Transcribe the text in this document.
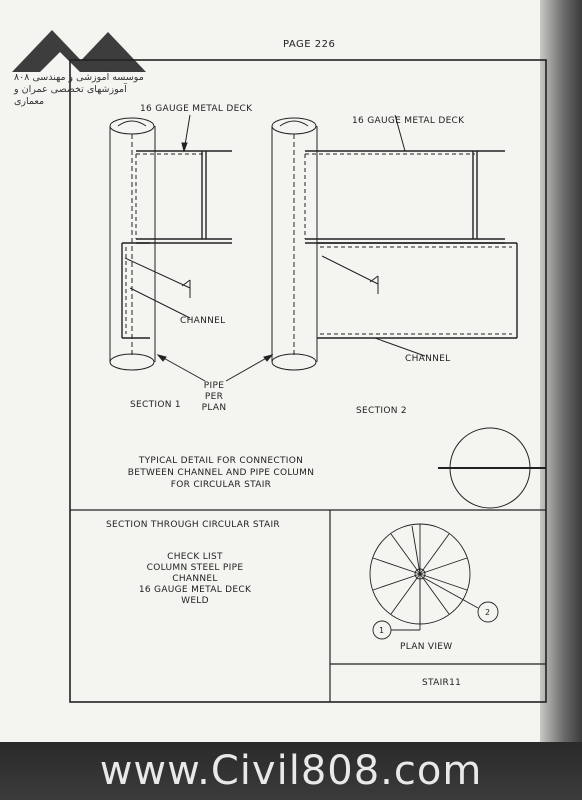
PAGE 226
موسسه آموزشی و مهندسی ۸۰۸
آموزشهای تخصصی عمران و معماری
16 GAUGE METAL DECK
CHANNEL
SECTION 1
16 GAUGE METAL DECK
CHANNEL
SECTION 2
PIPE
PER
PLAN
TYPICAL DETAIL FOR CONNECTION
BETWEEN CHANNEL AND PIPE COLUMN
FOR CIRCULAR STAIR
SECTION THROUGH CIRCULAR STAIR
CHECK LIST
COLUMN STEEL PIPE
CHANNEL
16 GAUGE METAL DECK
WELD
1
2
PLAN VIEW
STAIR11
www.Civil808.com
